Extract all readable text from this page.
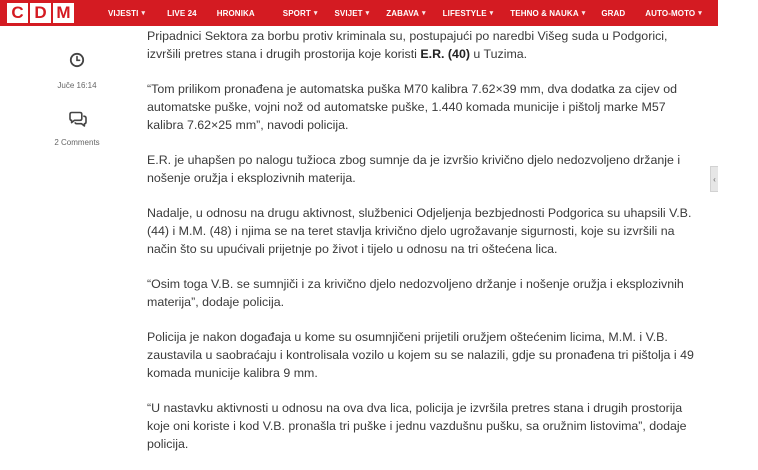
C D M	VIJESTI ▾	LIVE 24	HRONIKA	SPORT ▾ SVIJET ▾ ZABAVA ▾ LIFESTYLE ▾ TEHNO & NAUKA ▾ GRAD	AUTO-MOTO ▾ POLITICS
Juče 16:14
2 Comments

Pripadnici Sektora za borbu protiv kriminala su, postupajući po naredbi Višeg suda u Podgorici, izvršili pretres stana i drugih prostorija koje koristi E.R. (40) u Tuzima.

“Tom prilikom pronađena je automatska puška M70 kalibra 7.62×39 mm, dva dodatka za cijev od automatske puške, vojni nož od automatske puške, 1.440 komada municije i pištolj marke M57 kalibra 7.62×25 mm”, navodi policija.

E.R. je uhapšen po nalogu tužioca zbog sumnje da je izvršio krivično djelo nedozvoljeno držanje i nošenje oružja i eksplozivnih materija.

Nadalje, u odnosu na drugu aktivnost, službenici Odjeljenja bezbjednosti Podgorica su uhapsili V.B. (44) i M.M. (48) i njima se na teret stavlja krivično djelo ugrožavanje sigurnosti, koje su izvršili na način što su upućivali prijetnje po život i tijelo u odnosu na tri oštećena lica.

“Osim toga V.B. se sumnjiči i za krivično djelo nedozvoljeno držanje i nošenje oružja i eksplozivnih materija”, dodaje policija.

Policija je nakon događaja u kome su osumnjičeni prijetili oružjem oštećenim licima, M.M. i V.B. zaustavila u saobraćaju i kontrolisala vozilo u kojem su se nalazili, gdje su pronađena tri pištolja i 49 komada municije kalibra 9 mm.

“U nastavku aktivnosti u odnosu na ova dva lica, policija je izvršila pretres stana i drugih prostorija koje oni koriste i kod V.B. pronašla tri puške i jednu vazdušnu pušku, sa oružnim listovima”, dodaje policija.

‹
